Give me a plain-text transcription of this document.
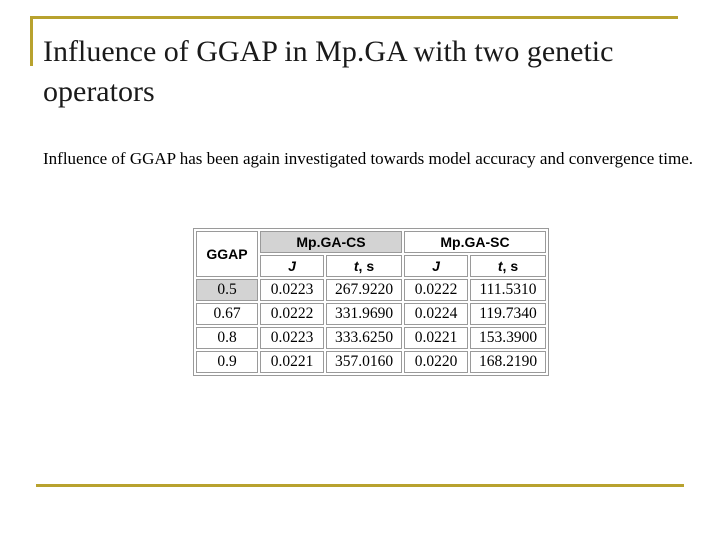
Influence of GGAP in Mp.GA with two genetic operators
Influence of GGAP has been again investigated towards model accuracy and convergence time.
GGAP	Mp.GA-CS		Mp.GA-SC	
	J	t, s	J	t, s
0.5	0.0223	267.9220	0.0222	111.5310
0.67	0.0222	331.9690	0.0224	119.7340
0.8	0.0223	333.6250	0.0221	153.3900
0.9	0.0221	357.0160	0.0220	168.2190
